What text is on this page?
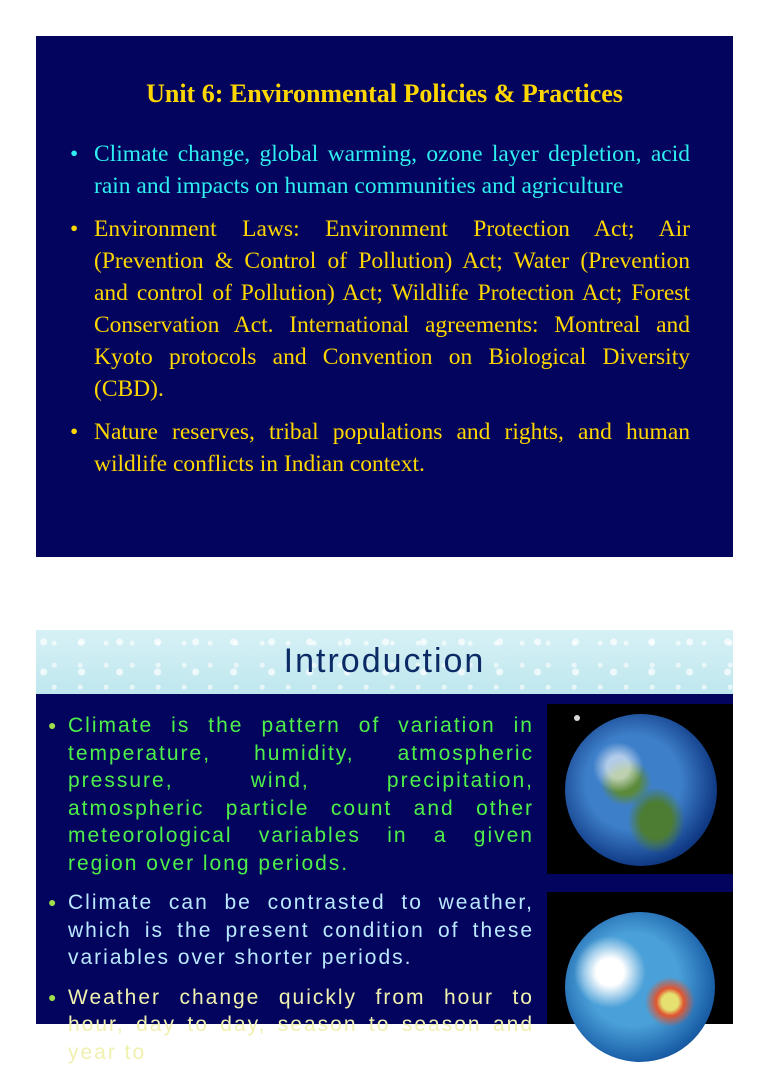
Unit 6: Environmental Policies & Practices
• Climate change, global warming, ozone layer depletion, acid rain and impacts on human communities and agriculture
• Environment Laws: Environment Protection Act; Air (Prevention & Control of Pollution) Act; Water (Prevention and control of Pollution) Act; Wildlife Protection Act; Forest Conservation Act. International agreements: Montreal and Kyoto protocols and Convention on Biological Diversity (CBD).
• Nature reserves, tribal populations and rights, and human wildlife conflicts in Indian context.
Introduction
● Climate is the pattern of variation in temperature, humidity, atmospheric pressure, wind, precipitation, atmospheric particle count and other meteorological variables in a given region over long periods.
● Climate can be contrasted to weather, which is the present condition of these variables over shorter periods.
● Weather change quickly from hour to hour, day to day, season to season and year to
